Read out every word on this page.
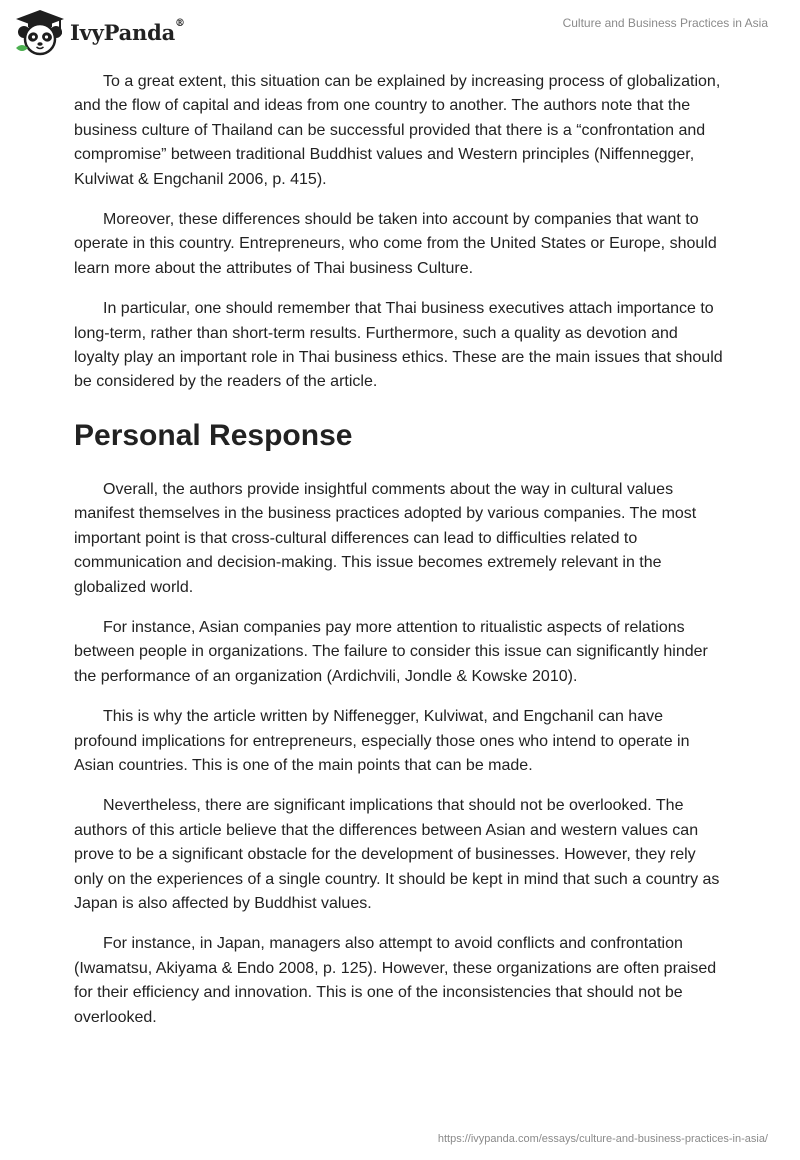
IvyPanda®	Culture and Business Practices in Asia

To a great extent, this situation can be explained by increasing process of globalization, and the flow of capital and ideas from one country to another. The authors note that the business culture of Thailand can be successful provided that there is a “confrontation and compromise” between traditional Buddhist values and Western principles (Niffennegger, Kulviwat & Engchanil 2006, p. 415).

Moreover, these differences should be taken into account by companies that want to operate in this country. Entrepreneurs, who come from the United States or Europe, should learn more about the attributes of Thai business Culture.

In particular, one should remember that Thai business executives attach importance to long-term, rather than short-term results. Furthermore, such a quality as devotion and loyalty play an important role in Thai business ethics. These are the main issues that should be considered by the readers of the article.

Personal Response

Overall, the authors provide insightful comments about the way in cultural values manifest themselves in the business practices adopted by various companies. The most important point is that cross-cultural differences can lead to difficulties related to communication and decision-making. This issue becomes extremely relevant in the globalized world.

For instance, Asian companies pay more attention to ritualistic aspects of relations between people in organizations. The failure to consider this issue can significantly hinder the performance of an organization (Ardichvili, Jondle & Kowske 2010).

This is why the article written by Niffenegger, Kulviwat, and Engchanil can have profound implications for entrepreneurs, especially those ones who intend to operate in Asian countries. This is one of the main points that can be made.

Nevertheless, there are significant implications that should not be overlooked. The authors of this article believe that the differences between Asian and western values can prove to be a significant obstacle for the development of businesses. However, they rely only on the experiences of a single country. It should be kept in mind that such a country as Japan is also affected by Buddhist values.

For instance, in Japan, managers also attempt to avoid conflicts and confrontation (Iwamatsu, Akiyama & Endo 2008, p. 125). However, these organizations are often praised for their efficiency and innovation. This is one of the inconsistencies that should not be overlooked.

https://ivypanda.com/essays/culture-and-business-practices-in-asia/
